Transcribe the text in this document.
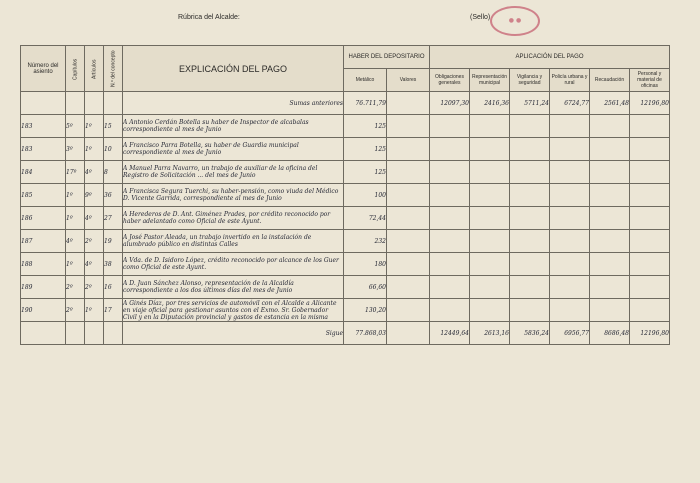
Rúbrica del Alcalde:	(Sello)	● ●
Número del asiento	Capítulos	Artículos	N.º del concepto	EXPLICACIÓN DEL PAGO	HABER DEL DEPOSITARIO		APLICACIÓN DEL PAGO					
					Metálico	Valores	Obligaciones generales	Representación municipal	Vigilancia y seguridad	Policía urbana y rural	Recaudación	Personal y material de oficinas
				Sumas anteriores	76.711,79		12097,30	2416,36	5711,24	6724,77	2561,48	12196,80
183	5º	1º	15	A Antonio Cerdán Botella su haber de Inspector de alcabalas correspondiente al mes de Junio	125							
183	3º	1º	10	A Francisco Parra Botella, su haber de Guardia municipal correspondiente al mes de Junio	125							
184	17º	4º	8	A Manuel Parra Navarro, un trabajo de auxiliar de la oficina del Registro de Solicitación ... del mes de Junio	125							
185	1º	9º	36	A Francisca Segura Tuerchi, su haber-pensión, como viuda del Médico D. Vicente Garrida, correspondiente al mes de Junio	100							
186	1º	4º	27	A Herederos de D. Ant. Giménez Prades, por crédito reconocido por haber adelantado como Oficial de este Ayunt.	72,44							
187	4º	2º	19	A José Pastor Aleada, un trabajo invertido en la instalación de alumbrado público en distintas Calles	232							
188	1º	4º	38	A Vda. de D. Isidoro López, crédito reconocido por alcance de los Guer como Oficial de este Ayunt.	180							
189	2º	2º	16	A D. Juan Sánchez Alonso, representación de la Alcaldía correspondiente a los dos últimos días del mes de Junio	66,60							
190	2º	1º	17	A Ginés Díaz, por tres servicios de automóvil con el Alcalde a Alicante en viaje oficial para gestionar asuntos con el Exmo. Sr. Gobernador Civil y en la Diputación provincial y gastos de estancia en la misma	130,20							
				Sigue	77.868,03		12449,64	2613,16	5836,24	6956,77	8686,48	12196,80
